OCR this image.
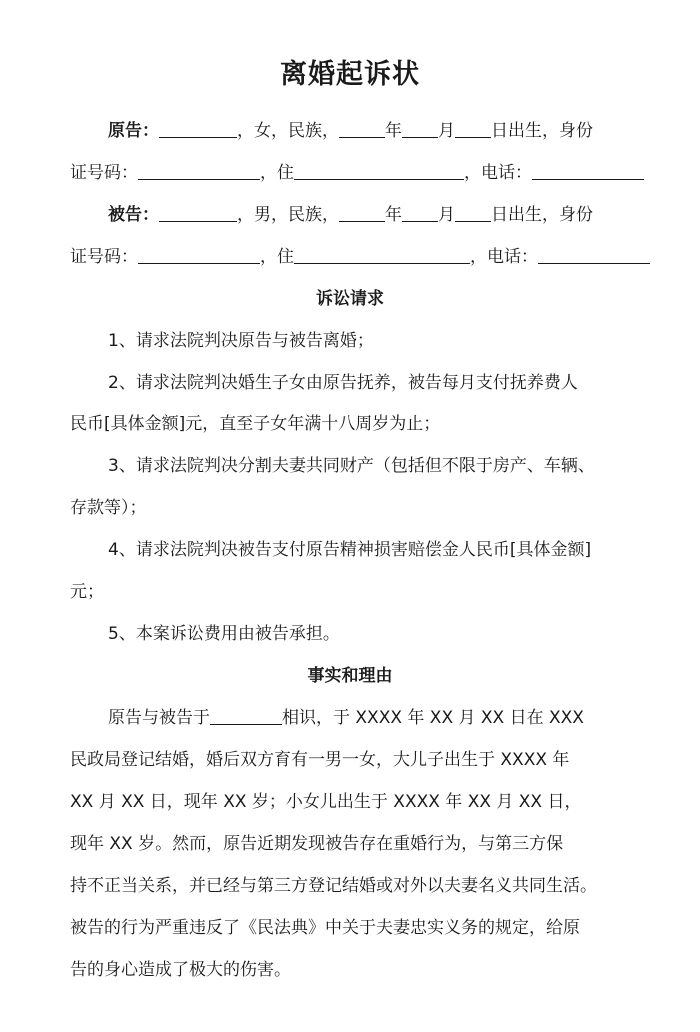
离婚起诉状
原告：	，女，民族，	年 月 日出生，身份
证号码：	，住	，电话：
被告：	，男，民族，	年 月 日出生，身份
证号码：	，住	，电话：
诉讼请求
1、请求法院判决原告与被告离婚；
2、请求法院判决婚生子女由原告抚养，被告每月支付抚养费人
民币[具体金额]元，直至子女年满十八周岁为止；
3、请求法院判决分割夫妻共同财产（包括但不限于房产、车辆、
存款等）；
4、请求法院判决被告支付原告精神损害赔偿金人民币[具体金额]
元；
5、本案诉讼费用由被告承担。
事实和理由
原告与被告于	相识，于 XXXX 年 XX 月 XX 日在 XXX
民政局登记结婚，婚后双方育有一男一女，大儿子出生于 XXXX 年
XX 月 XX 日，现年 XX 岁；小女儿出生于 XXXX 年 XX 月 XX 日，
现年 XX 岁。然而，原告近期发现被告存在重婚行为，与第三方保
持不正当关系，并已经与第三方登记结婚或对外以夫妻名义共同生活。
被告的行为严重违反了《民法典》中关于夫妻忠实义务的规定，给原
告的身心造成了极大的伤害。
